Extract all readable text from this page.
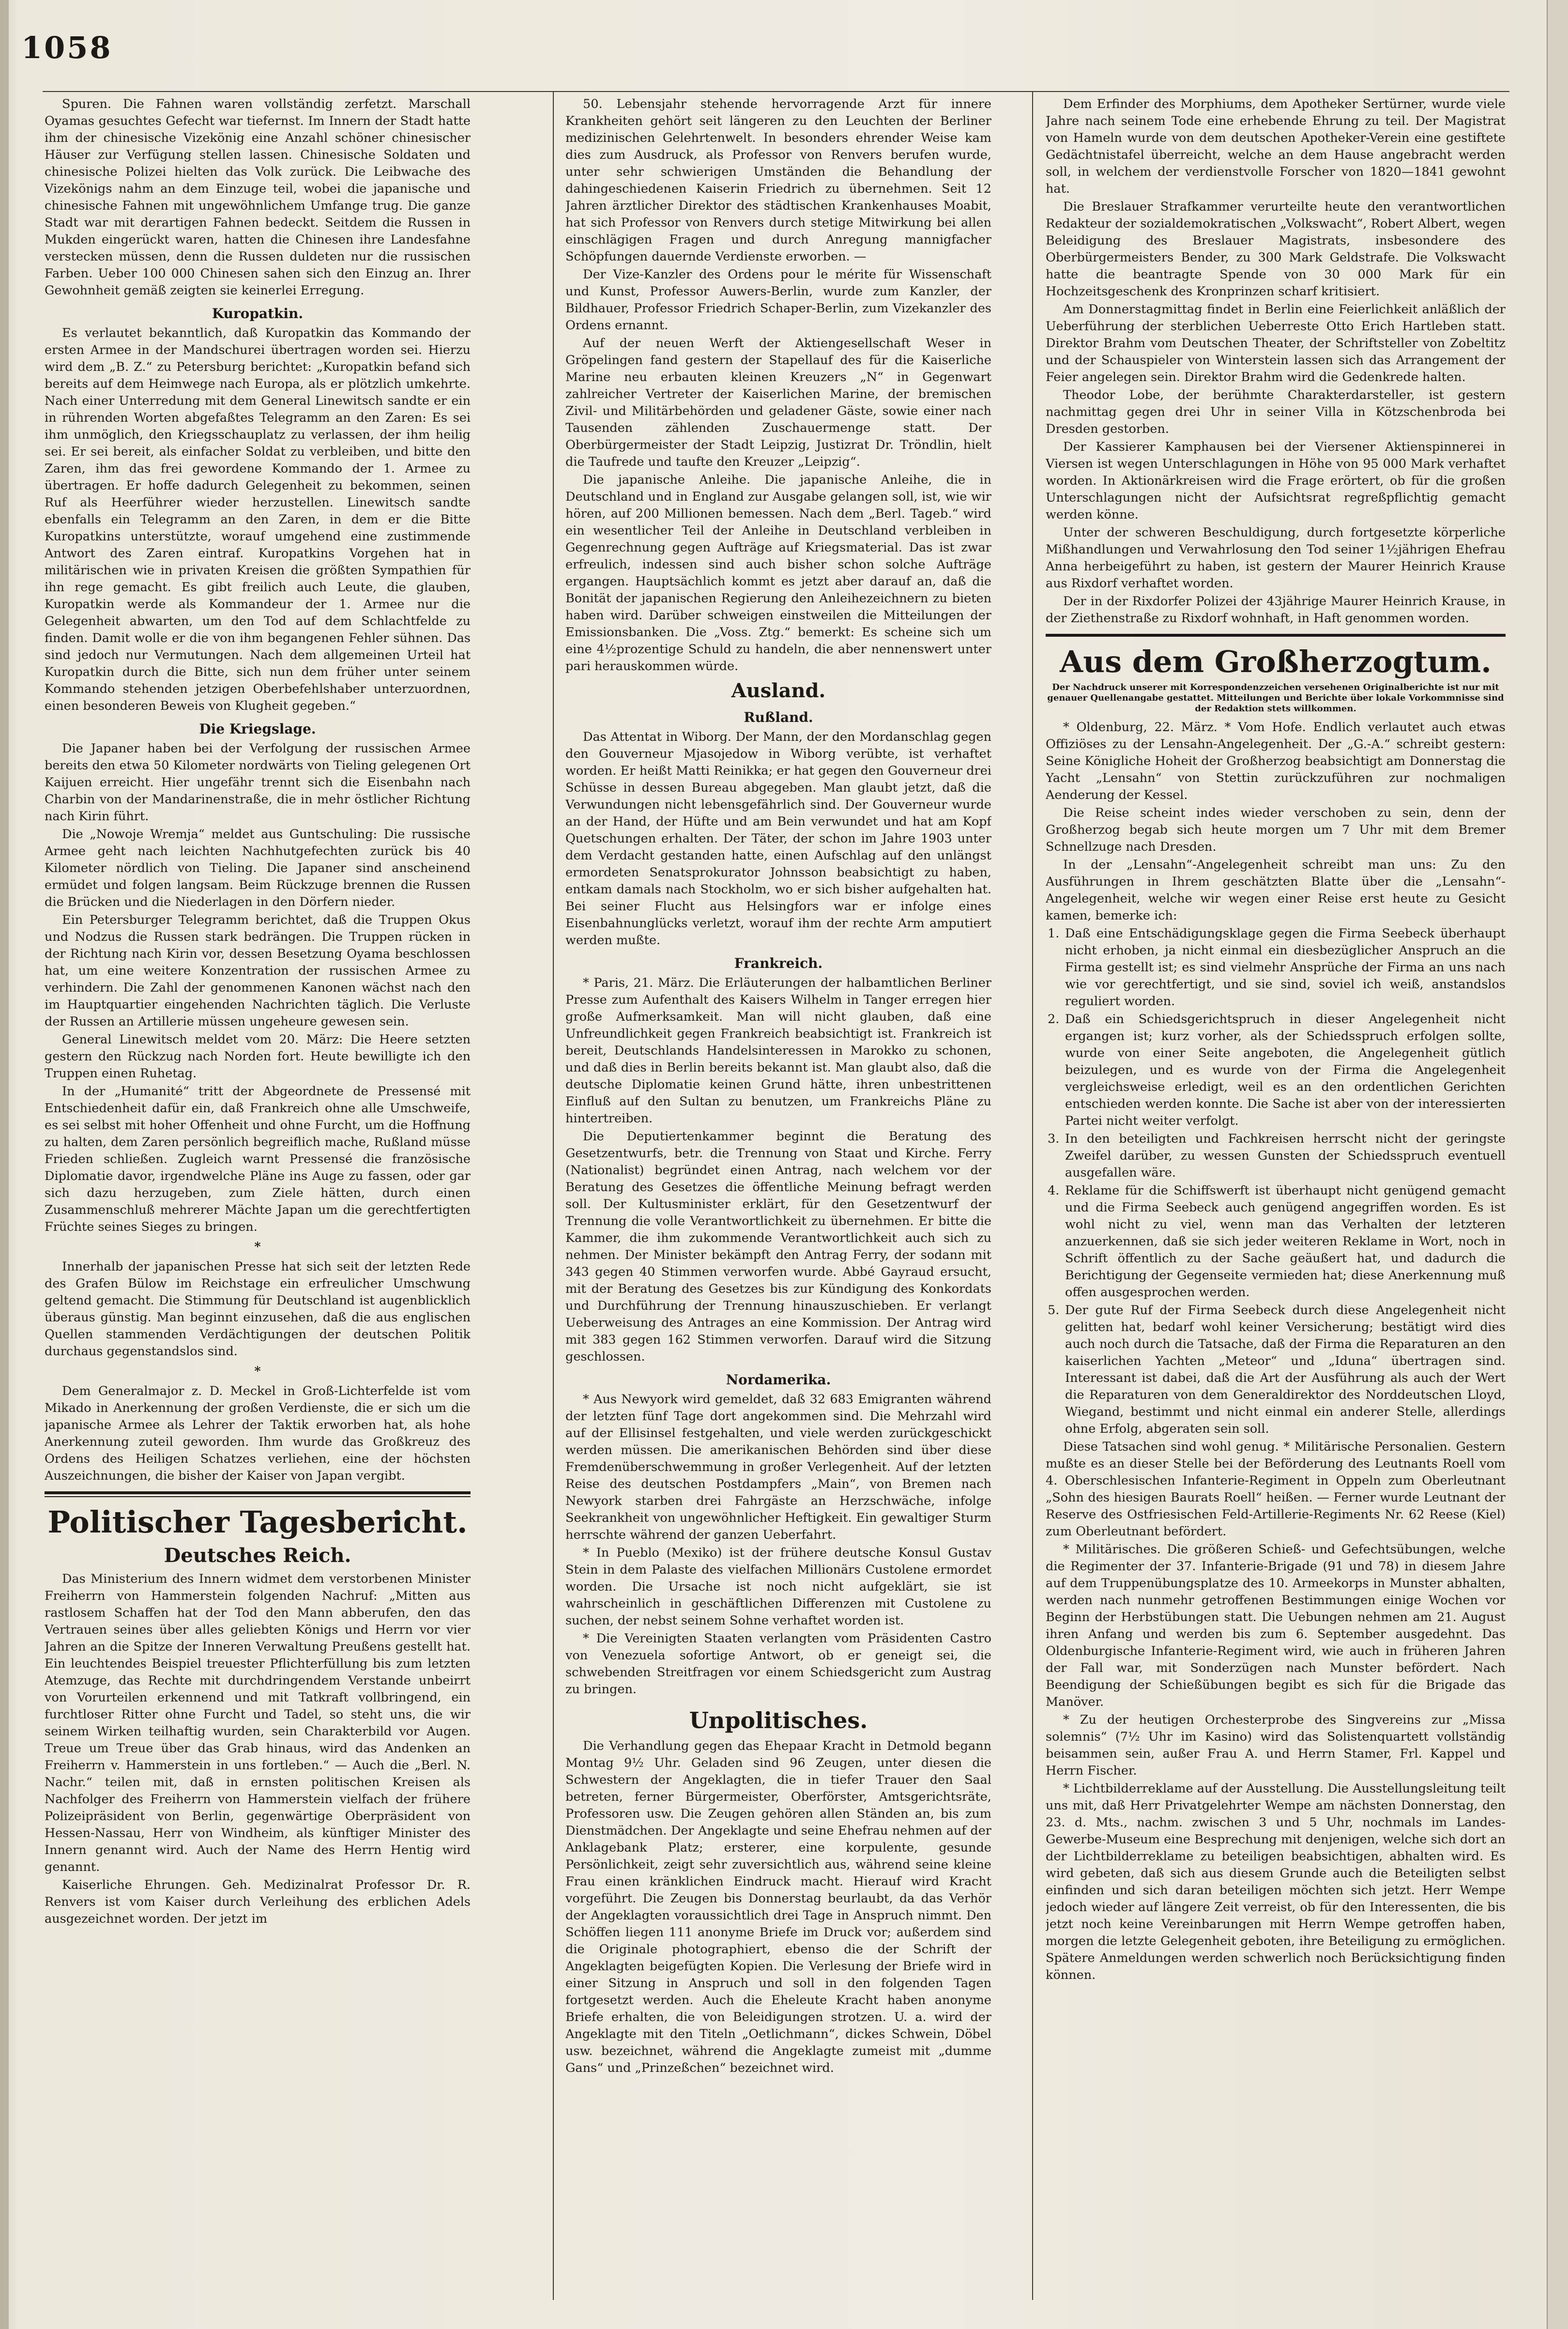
1058

Spuren. Die Fahnen waren vollständig zerfetzt. Marschall Oyamas gesuchtes Gefecht war tiefernst. Im Innern der Stadt hatte ihm der chinesische Vizekönig eine Anzahl schöner chinesischer Häuser zur Verfügung stellen lassen. Chinesische Soldaten und chinesische Polizei hielten das Volk zurück. Die Leibwache des Vizekönigs nahm an dem Einzuge teil, wobei die japanische und chinesische Fahnen mit ungewöhnlichem Umfange trug. Die ganze Stadt war mit derartigen Fahnen bedeckt. Seitdem die Russen in Mukden eingerückt waren, hatten die Chinesen ihre Landesfahne verstecken müssen, denn die Russen duldeten nur die russischen Farben. Ueber 100 000 Chinesen sahen sich den Einzug an. Ihrer Gewohnheit gemäß zeigten sie keinerlei Erregung.

Kuropatkin.

Es verlautet bekanntlich, daß Kuropatkin das Kommando der ersten Armee in der Mandschurei übertragen worden sei. Hierzu wird dem „B. Z.“ zu Petersburg berichtet: „Kuropatkin befand sich bereits auf dem Heimwege nach Europa, als er plötzlich umkehrte. Nach einer Unterredung mit dem General Linewitsch sandte er ein in rührenden Worten abgefaßtes Telegramm an den Zaren: Es sei ihm unmöglich, den Kriegsschauplatz zu verlassen, der ihm heilig sei. Er sei bereit, als einfacher Soldat zu verbleiben, und bitte den Zaren, ihm das frei gewordene Kommando der 1. Armee zu übertragen. Er hoffe dadurch Gelegenheit zu bekommen, seinen Ruf als Heerführer wieder herzustellen. Linewitsch sandte ebenfalls ein Telegramm an den Zaren, in dem er die Bitte Kuropatkins unterstützte, worauf umgehend eine zustimmende Antwort des Zaren eintraf. Kuropatkins Vorgehen hat in militärischen wie in privaten Kreisen die größten Sympathien für ihn rege gemacht. Es gibt freilich auch Leute, die glauben, Kuropatkin werde als Kommandeur der 1. Armee nur die Gelegenheit abwarten, um den Tod auf dem Schlachtfelde zu finden. Damit wolle er die von ihm begangenen Fehler sühnen. Das sind jedoch nur Vermutungen. Nach dem allgemeinen Urteil hat Kuropatkin durch die Bitte, sich nun dem früher unter seinem Kommando stehenden jetzigen Oberbefehlshaber unterzuordnen, einen besonderen Beweis von Klugheit gegeben.“

Die Kriegslage.

Die Japaner haben bei der Verfolgung der russischen Armee bereits den etwa 50 Kilometer nordwärts von Tieling gelegenen Ort Kaijuen erreicht. Hier ungefähr trennt sich die Eisenbahn nach Charbin von der Mandarinenstraße, die in mehr östlicher Richtung nach Kirin führt.

Die „Nowoje Wremja“ meldet aus Guntschuling: Die russische Armee geht nach leichten Nachhutgefechten zurück bis 40 Kilometer nördlich von Tieling. Die Japaner sind anscheinend ermüdet und folgen langsam. Beim Rückzuge brennen die Russen die Brücken und die Niederlagen in den Dörfern nieder.

Ein Petersburger Telegramm berichtet, daß die Truppen Okus und Nodzus die Russen stark bedrängen. Die Truppen rücken in der Richtung nach Kirin vor, dessen Besetzung Oyama beschlossen hat, um eine weitere Konzentration der russischen Armee zu verhindern. Die Zahl der genommenen Kanonen wächst nach den im Hauptquartier eingehenden Nachrichten täglich. Die Verluste der Russen an Artillerie müssen ungeheure gewesen sein.

General Linewitsch meldet vom 20. März: Die Heere setzten gestern den Rückzug nach Norden fort. Heute bewilligte ich den Truppen einen Ruhetag.

In der „Humanité“ tritt der Abgeordnete de Pressensé mit Entschiedenheit dafür ein, daß Frankreich ohne alle Umschweife, es sei selbst mit hoher Offenheit und ohne Furcht, um die Hoffnung zu halten, dem Zaren persönlich begreiflich mache, Rußland müsse Frieden schließen. Zugleich warnt Pressensé die französische Diplomatie davor, irgendwelche Pläne ins Auge zu fassen, oder gar sich dazu herzugeben, zum Ziele hätten, durch einen Zusammenschluß mehrerer Mächte Japan um die gerechtfertigten Früchte seines Sieges zu bringen.

*

Innerhalb der japanischen Presse hat sich seit der letzten Rede des Grafen Bülow im Reichstage ein erfreulicher Umschwung geltend gemacht. Die Stimmung für Deutschland ist augenblicklich überaus günstig. Man beginnt einzusehen, daß die aus englischen Quellen stammenden Verdächtigungen der deutschen Politik durchaus gegenstandslos sind.

*

Dem Generalmajor z. D. Meckel in Groß-Lichterfelde ist vom Mikado in Anerkennung der großen Verdienste, die er sich um die japanische Armee als Lehrer der Taktik erworben hat, als hohe Anerkennung zuteil geworden. Ihm wurde das Großkreuz des Ordens des Heiligen Schatzes verliehen, eine der höchsten Auszeichnungen, die bisher der Kaiser von Japan vergibt.

Politischer Tagesbericht.
Deutsches Reich.

Das Ministerium des Innern widmet dem verstorbenen Minister Freiherrn von Hammerstein folgenden Nachruf: „Mitten aus rastlosem Schaffen hat der Tod den Mann abberufen, den das Vertrauen seines über alles geliebten Königs und Herrn vor vier Jahren an die Spitze der Inneren Verwaltung Preußens gestellt hat. Ein leuchtendes Beispiel treuester Pflichterfüllung bis zum letzten Atemzuge, das Rechte mit durchdringendem Verstande unbeirrt von Vorurteilen erkennend und mit Tatkraft vollbringend, ein furchtloser Ritter ohne Furcht und Tadel, so steht uns, die wir seinem Wirken teilhaftig wurden, sein Charakterbild vor Augen. Treue um Treue über das Grab hinaus, wird das Andenken an Freiherrn v. Hammerstein in uns fortleben.“ — Auch die „Berl. N. Nachr.“ teilen mit, daß in ernsten politischen Kreisen als Nachfolger des Freiherrn von Hammerstein vielfach der frühere Polizeipräsident von Berlin, gegenwärtige Oberpräsident von Hessen-Nassau, Herr von Windheim, als künftiger Minister des Innern genannt wird. Auch der Name des Herrn Hentig wird genannt.

Kaiserliche Ehrungen. Geh. Medizinalrat Professor Dr. R. Renvers ist vom Kaiser durch Verleihung des erblichen Adels ausgezeichnet worden. Der jetzt im

50. Lebensjahr stehende hervorragende Arzt für innere Krankheiten gehört seit längeren zu den Leuchten der Berliner medizinischen Gelehrtenwelt. In besonders ehrender Weise kam dies zum Ausdruck, als Professor von Renvers berufen wurde, unter sehr schwierigen Umständen die Behandlung der dahingeschiedenen Kaiserin Friedrich zu übernehmen. Seit 12 Jahren ärztlicher Direktor des städtischen Krankenhauses Moabit, hat sich Professor von Renvers durch stetige Mitwirkung bei allen einschlägigen Fragen und durch Anregung mannigfacher Schöpfungen dauernde Verdienste erworben. —

Der Vize-Kanzler des Ordens pour le mérite für Wissenschaft und Kunst, Professor Auwers-Berlin, wurde zum Kanzler, der Bildhauer, Professor Friedrich Schaper-Berlin, zum Vizekanzler des Ordens ernannt.

Auf der neuen Werft der Aktiengesellschaft Weser in Gröpelingen fand gestern der Stapellauf des für die Kaiserliche Marine neu erbauten kleinen Kreuzers „N“ in Gegenwart zahlreicher Vertreter der Kaiserlichen Marine, der bremischen Zivil- und Militärbehörden und geladener Gäste, sowie einer nach Tausenden zählenden Zuschauermenge statt. Der Oberbürgermeister der Stadt Leipzig, Justizrat Dr. Tröndlin, hielt die Taufrede und taufte den Kreuzer „Leipzig“.

Die japanische Anleihe. Die japanische Anleihe, die in Deutschland und in England zur Ausgabe gelangen soll, ist, wie wir hören, auf 200 Millionen bemessen. Nach dem „Berl. Tageb.“ wird ein wesentlicher Teil der Anleihe in Deutschland verbleiben in Gegenrechnung gegen Aufträge auf Kriegsmaterial. Das ist zwar erfreulich, indessen sind auch bisher schon solche Aufträge ergangen. Hauptsächlich kommt es jetzt aber darauf an, daß die Bonität der japanischen Regierung den Anleihezeichnern zu bieten haben wird. Darüber schweigen einstweilen die Mitteilungen der Emissionsbanken. Die „Voss. Ztg.“ bemerkt: Es scheine sich um eine 4½prozentige Schuld zu handeln, die aber nennenswert unter pari herauskommen würde.

Ausland.
Rußland.

Das Attentat in Wiborg. Der Mann, der den Mordanschlag gegen den Gouverneur Mjasojedow in Wiborg verübte, ist verhaftet worden. Er heißt Matti Reinikka; er hat gegen den Gouverneur drei Schüsse in dessen Bureau abgegeben. Man glaubt jetzt, daß die Verwundungen nicht lebensgefährlich sind. Der Gouverneur wurde an der Hand, der Hüfte und am Bein verwundet und hat am Kopf Quetschungen erhalten. Der Täter, der schon im Jahre 1903 unter dem Verdacht gestanden hatte, einen Aufschlag auf den unlängst ermordeten Senatsprokurator Johnsson beabsichtigt zu haben, entkam damals nach Stockholm, wo er sich bisher aufgehalten hat. Bei seiner Flucht aus Helsingfors war er infolge eines Eisenbahnunglücks verletzt, worauf ihm der rechte Arm amputiert werden mußte.

Frankreich.

* Paris, 21. März. Die Erläuterungen der halbamtlichen Berliner Presse zum Aufenthalt des Kaisers Wilhelm in Tanger erregen hier große Aufmerksamkeit. Man will nicht glauben, daß eine Unfreundlichkeit gegen Frankreich beabsichtigt ist. Frankreich ist bereit, Deutschlands Handelsinteressen in Marokko zu schonen, und daß dies in Berlin bereits bekannt ist. Man glaubt also, daß die deutsche Diplomatie keinen Grund hätte, ihren unbestrittenen Einfluß auf den Sultan zu benutzen, um Frankreichs Pläne zu hintertreiben.

Die Deputiertenkammer beginnt die Beratung des Gesetzentwurfs, betr. die Trennung von Staat und Kirche. Ferry (Nationalist) begründet einen Antrag, nach welchem vor der Beratung des Gesetzes die öffentliche Meinung befragt werden soll. Der Kultusminister erklärt, für den Gesetzentwurf der Trennung die volle Verantwortlichkeit zu übernehmen. Er bitte die Kammer, die ihm zukommende Verantwortlichkeit auch sich zu nehmen. Der Minister bekämpft den Antrag Ferry, der sodann mit 343 gegen 40 Stimmen verworfen wurde. Abbé Gayraud ersucht, mit der Beratung des Gesetzes bis zur Kündigung des Konkordats und Durchführung der Trennung hinauszuschieben. Er verlangt Ueberweisung des Antrages an eine Kommission. Der Antrag wird mit 383 gegen 162 Stimmen verworfen. Darauf wird die Sitzung geschlossen.

Nordamerika.

* Aus Newyork wird gemeldet, daß 32 683 Emigranten während der letzten fünf Tage dort angekommen sind. Die Mehrzahl wird auf der Ellisinsel festgehalten, und viele werden zurückgeschickt werden müssen. Die amerikanischen Behörden sind über diese Fremdenüberschwemmung in großer Verlegenheit. Auf der letzten Reise des deutschen Postdampfers „Main“, von Bremen nach Newyork starben drei Fahrgäste an Herzschwäche, infolge Seekrankheit von ungewöhnlicher Heftigkeit. Ein gewaltiger Sturm herrschte während der ganzen Ueberfahrt.

* In Pueblo (Mexiko) ist der frühere deutsche Konsul Gustav Stein in dem Palaste des vielfachen Millionärs Custolene ermordet worden. Die Ursache ist noch nicht aufgeklärt, sie ist wahrscheinlich in geschäftlichen Differenzen mit Custolene zu suchen, der nebst seinem Sohne verhaftet worden ist.

* Die Vereinigten Staaten verlangten vom Präsidenten Castro von Venezuela sofortige Antwort, ob er geneigt sei, die schwebenden Streitfragen vor einem Schiedsgericht zum Austrag zu bringen.

Unpolitisches.

Die Verhandlung gegen das Ehepaar Kracht in Detmold begann Montag 9½ Uhr. Geladen sind 96 Zeugen, unter diesen die Schwestern der Angeklagten, die in tiefer Trauer den Saal betreten, ferner Bürgermeister, Oberförster, Amtsgerichtsräte, Professoren usw. Die Zeugen gehören allen Ständen an, bis zum Dienstmädchen. Der Angeklagte und seine Ehefrau nehmen auf der Anklagebank Platz; ersterer, eine korpulente, gesunde Persönlichkeit, zeigt sehr zuversichtlich aus, während seine kleine Frau einen kränklichen Eindruck macht. Hierauf wird Kracht vorgeführt. Die Zeugen bis Donnerstag beurlaubt, da das Verhör der Angeklagten voraussichtlich drei Tage in Anspruch nimmt. Den Schöffen liegen 111 anonyme Briefe im Druck vor; außerdem sind die Originale photographiert, ebenso die der Schrift der Angeklagten beigefügten Kopien. Die Verlesung der Briefe wird in einer Sitzung in Anspruch und soll in den folgenden Tagen fortgesetzt werden. Auch die Eheleute Kracht haben anonyme Briefe erhalten, die von Beleidigungen strotzen. U. a. wird der Angeklagte mit den Titeln „Oetlichmann“, dickes Schwein, Döbel usw. bezeichnet, während die Angeklagte zumeist mit „dumme Gans“ und „Prinzeßchen“ bezeichnet wird.

Dem Erfinder des Morphiums, dem Apotheker Sertürner, wurde viele Jahre nach seinem Tode eine erhebende Ehrung zu teil. Der Magistrat von Hameln wurde von dem deutschen Apotheker-Verein eine gestiftete Gedächtnistafel überreicht, welche an dem Hause angebracht werden soll, in welchem der verdienstvolle Forscher von 1820—1841 gewohnt hat.

Die Breslauer Strafkammer verurteilte heute den verantwortlichen Redakteur der sozialdemokratischen „Volkswacht“, Robert Albert, wegen Beleidigung des Breslauer Magistrats, insbesondere des Oberbürgermeisters Bender, zu 300 Mark Geldstrafe. Die Volkswacht hatte die beantragte Spende von 30 000 Mark für ein Hochzeitsgeschenk des Kronprinzen scharf kritisiert.

Am Donnerstagmittag findet in Berlin eine Feierlichkeit anläßlich der Ueberführung der sterblichen Ueberreste Otto Erich Hartleben statt. Direktor Brahm vom Deutschen Theater, der Schriftsteller von Zobeltitz und der Schauspieler von Winterstein lassen sich das Arrangement der Feier angelegen sein. Direktor Brahm wird die Gedenkrede halten.

Theodor Lobe, der berühmte Charakterdarsteller, ist gestern nachmittag gegen drei Uhr in seiner Villa in Kötzschenbroda bei Dresden gestorben.

Der Kassierer Kamphausen bei der Viersener Aktienspinnerei in Viersen ist wegen Unterschlagungen in Höhe von 95 000 Mark verhaftet worden. In Aktionärkreisen wird die Frage erörtert, ob für die großen Unterschlagungen nicht der Aufsichtsrat regreßpflichtig gemacht werden könne.

Unter der schweren Beschuldigung, durch fortgesetzte körperliche Mißhandlungen und Verwahrlosung den Tod seiner 1½jährigen Ehefrau Anna herbeigeführt zu haben, ist gestern der Maurer Heinrich Krause aus Rixdorf verhaftet worden.

Der in der Rixdorfer Polizei der 43jährige Maurer Heinrich Krause, in der Ziethenstraße zu Rixdorf wohnhaft, in Haft genommen worden.

Aus dem Großherzogtum.
Der Nachdruck unserer mit Korrespondenzzeichen versehenen Originalberichte ist nur mit genauer Quellenangabe gestattet. Mitteilungen und Berichte über lokale Vorkommnisse sind der Redaktion stets willkommen.

* Oldenburg, 22. März. * Vom Hofe. Endlich verlautet auch etwas Offiziöses zu der Lensahn-Angelegenheit. Der „G.-A.“ schreibt gestern: Seine Königliche Hoheit der Großherzog beabsichtigt am Donnerstag die Yacht „Lensahn“ von Stettin zurückzuführen zur nochmaligen Aenderung der Kessel.

Die Reise scheint indes wieder verschoben zu sein, denn der Großherzog begab sich heute morgen um 7 Uhr mit dem Bremer Schnellzuge nach Dresden.

In der „Lensahn“-Angelegenheit schreibt man uns: Zu den Ausführungen in Ihrem geschätzten Blatte über die „Lensahn“-Angelegenheit, welche wir wegen einer Reise erst heute zu Gesicht kamen, bemerke ich:

1. Daß eine Entschädigungsklage gegen die Firma Seebeck überhaupt nicht erhoben, ja nicht einmal ein diesbezüglicher Anspruch an die Firma gestellt ist; es sind vielmehr Ansprüche der Firma an uns nach wie vor gerechtfertigt, und sie sind, soviel ich weiß, anstandslos reguliert worden.

2. Daß ein Schiedsgerichtspruch in dieser Angelegenheit nicht ergangen ist; kurz vorher, als der Schiedsspruch erfolgen sollte, wurde von einer Seite angeboten, die Angelegenheit gütlich beizulegen, und es wurde von der Firma die Angelegenheit vergleichsweise erledigt, weil es an den ordentlichen Gerichten entschieden werden konnte. Die Sache ist aber von der interessierten Partei nicht weiter verfolgt.

3. In den beteiligten und Fachkreisen herrscht nicht der geringste Zweifel darüber, zu wessen Gunsten der Schiedsspruch eventuell ausgefallen wäre.

4. Reklame für die Schiffswerft ist überhaupt nicht genügend gemacht und die Firma Seebeck auch genügend angegriffen worden. Es ist wohl nicht zu viel, wenn man das Verhalten der letzteren anzuerkennen, daß sie sich jeder weiteren Reklame in Wort, noch in Schrift öffentlich zu der Sache geäußert hat, und dadurch die Berichtigung der Gegenseite vermieden hat; diese Anerkennung muß offen ausgesprochen werden.

5. Der gute Ruf der Firma Seebeck durch diese Angelegenheit nicht gelitten hat, bedarf wohl keiner Versicherung; bestätigt wird dies auch noch durch die Tatsache, daß der Firma die Reparaturen an den kaiserlichen Yachten „Meteor“ und „Iduna“ übertragen sind. Interessant ist dabei, daß die Art der Ausführung als auch der Wert die Reparaturen von dem Generaldirektor des Norddeutschen Lloyd, Wiegand, bestimmt und nicht einmal ein anderer Stelle, allerdings ohne Erfolg, abgeraten sein soll.

Diese Tatsachen sind wohl genug. * Militärische Personalien. Gestern mußte es an dieser Stelle bei der Beförderung des Leutnants Roell vom 4. Oberschlesischen Infanterie-Regiment in Oppeln zum Oberleutnant „Sohn des hiesigen Baurats Roell“ heißen. — Ferner wurde Leutnant der Reserve des Ostfriesischen Feld-Artillerie-Regiments Nr. 62 Reese (Kiel) zum Oberleutnant befördert.

* Militärisches. Die größeren Schieß- und Gefechtsübungen, welche die Regimenter der 37. Infanterie-Brigade (91 und 78) in diesem Jahre auf dem Truppenübungsplatze des 10. Armeekorps in Munster abhalten, werden nach nunmehr getroffenen Bestimmungen einige Wochen vor Beginn der Herbstübungen statt. Die Uebungen nehmen am 21. August ihren Anfang und werden bis zum 6. September ausgedehnt. Das Oldenburgische Infanterie-Regiment wird, wie auch in früheren Jahren der Fall war, mit Sonderzügen nach Munster befördert. Nach Beendigung der Schießübungen begibt es sich für die Brigade das Manöver.

* Zu der heutigen Orchesterprobe des Singvereins zur „Missa solemnis“ (7½ Uhr im Kasino) wird das Solistenquartett vollständig beisammen sein, außer Frau A. und Herrn Stamer, Frl. Kappel und Herrn Fischer.

* Lichtbilderreklame auf der Ausstellung. Die Ausstellungsleitung teilt uns mit, daß Herr Privatgelehrter Wempe am nächsten Donnerstag, den 23. d. Mts., nachm. zwischen 3 und 5 Uhr, nochmals im Landes-Gewerbe-Museum eine Besprechung mit denjenigen, welche sich dort an der Lichtbilderreklame zu beteiligen beabsichtigen, abhalten wird. Es wird gebeten, daß sich aus diesem Grunde auch die Beteiligten selbst einfinden und sich daran beteiligen möchten sich jetzt. Herr Wempe jedoch wieder auf längere Zeit verreist, ob für den Interessenten, die bis jetzt noch keine Vereinbarungen mit Herrn Wempe getroffen haben, morgen die letzte Gelegenheit geboten, ihre Beteiligung zu ermöglichen. Spätere Anmeldungen werden schwerlich noch Berücksichtigung finden können.
